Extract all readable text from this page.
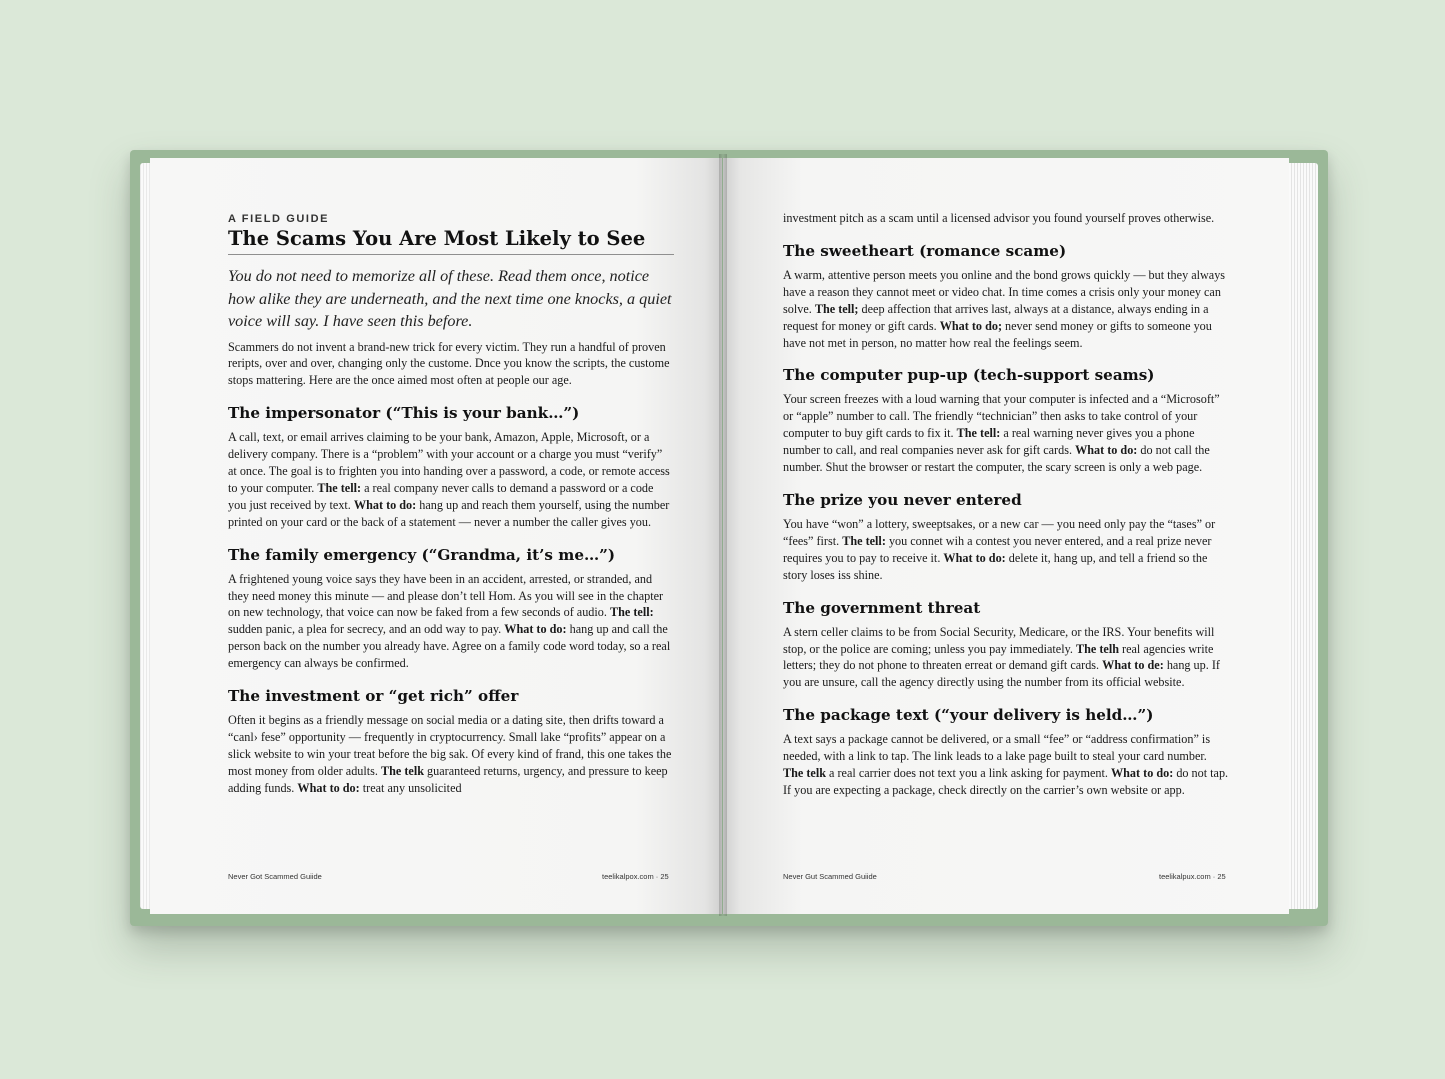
A FIELD GUIDE
The Scams You Are Most Likely to See

You do not need to memorize all of these. Read them once, notice how alike they are underneath, and the next time one knocks, a quiet voice will say. I have seen this before.

Scammers do not invent a brand-new trick for every victim. They run a handful of proven reripts, over and over, changing only the custome. Dnce you know the scripts, the custome stops mattering. Here are the once aimed most often at people our age.

The impersonator (“This is your bank…”)

A call, text, or email arrives claiming to be your bank, Amazon, Apple, Microsoft, or a delivery company. There is a “problem” with your account or a charge you must “verify” at once. The goal is to frighten you into handing over a password, a code, or remote access to your computer. The tell: a real company never calls to demand a password or a code you just received by text. What to do: hang up and reach them yourself, using the number printed on your card or the back of a statement — never a number the caller gives you.

The family emergency (“Grandma, it’s me…”)

A frightened young voice says they have been in an accident, arrested, or stranded, and they need money this minute — and please don’t tell Hom. As you will see in the chapter on new technology, that voice can now be faked from a few seconds of audio. The tell: sudden panic, a plea for secrecy, and an odd way to pay. What to do: hang up and call the person back on the number you already have. Agree on a family code word today, so a real emergency can always be confirmed.

The investment or “get rich” offer

Often it begins as a friendly message on social media or a dating site, then drifts toward a “canl› fese” opportunity — frequently in cryptocurrency. Small lake “profits” appear on a slick website to win your treat before the big sak. Of every kind of frand, this one takes the most money from older adults. The telk guaranteed returns, urgency, and pressure to keep adding funds. What to do: treat any unsolicited

Never Got Scammed Guiide	teelikalpox.com · 25

investment pitch as a scam until a licensed advisor you found yourself proves otherwise.

The sweetheart (romance scame)

A warm, attentive person meets you online and the bond grows quickly — but they always have a reason they cannot meet or video chat. In time comes a crisis only your money can solve. The tell; deep affection that arrives last, always at a distance, always ending in a request for money or gift cards. What to do; never send money or gifts to someone you have not met in person, no matter how real the feelings seem.

The computer pup-up (tech-support seams)

Your screen freezes with a loud warning that your computer is infected and a “Microsoft” or “apple” number to call. The friendly “technician” then asks to take control of your computer to buy gift cards to fix it. The tell: a real warning never gives you a phone number to call, and real companies never ask for gift cards. What to do: do not call the number. Shut the browser or restart the computer, the scary screen is only a web page.

The prize you never entered

You have “won” a lottery, sweeptsakes, or a new car — you need only pay the “tases” or “fees” first. The tell: you connet wih a contest you never entered, and a real prize never requires you to pay to receive it. What to do: delete it, hang up, and tell a friend so the story loses iss shine.

The government threat

A stern celler claims to be from Social Security, Medicare, or the IRS. Your benefits will stop, or the police are coming; unless you pay immediately. The telh real agencies write letters; they do not phone to threaten erreat or demand gift cards. What to de: hang up. If you are unsure, call the agency directly using the number from its official website.

The package text (“your delivery is held…”)

A text says a package cannot be delivered, or a small “fee” or “address confirmation” is needed, with a link to tap. The link leads to a lake page built to steal your card number. The telk a real carrier does not text you a link asking for payment. What to do: do not tap. If you are expecting a package, check directly on the carrier’s own website or app.

Never Gut Scammed Guiide	teelikalpux.com · 25
